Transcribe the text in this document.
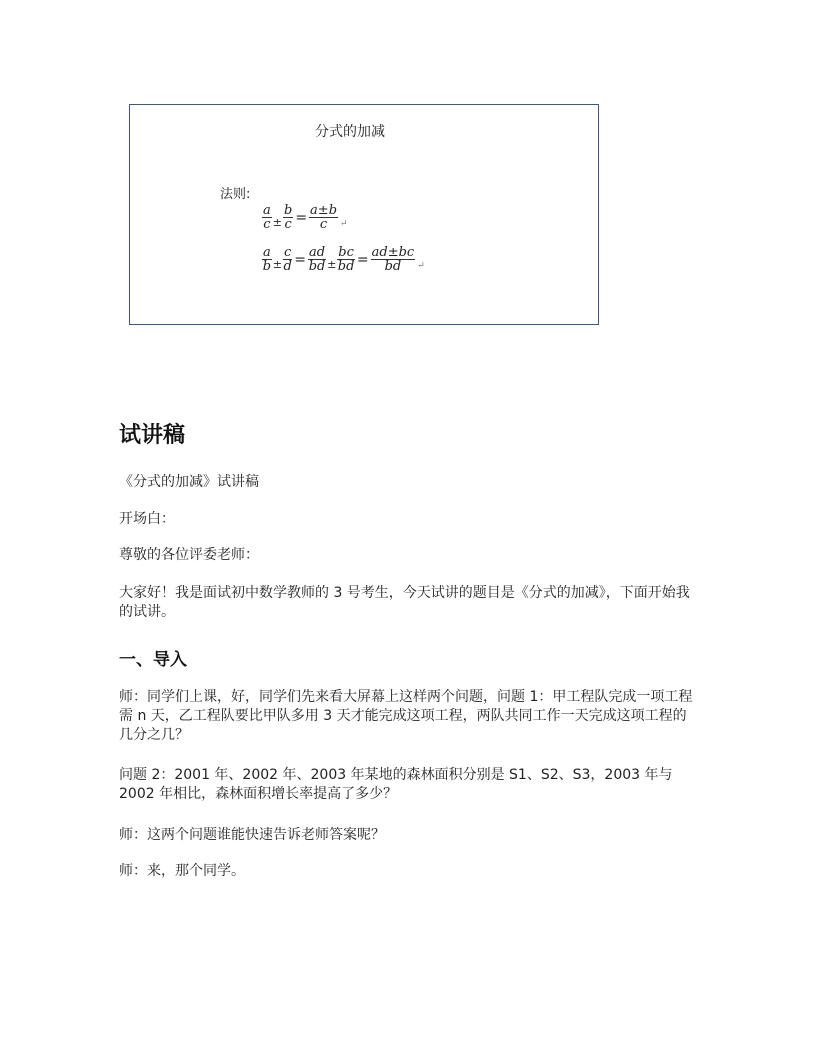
分式的加减
法则:
$\frac{a}{c} \pm \frac{b}{c} = \frac{a\pm b}{c}$ ↵
$\frac{a}{b} \pm \frac{c}{d} = \frac{ad}{bd} \pm \frac{bc}{bd} = \frac{ad\pm bc}{bd}$ ↵
试讲稿

《分式的加减》试讲稿

开场白：

尊敬的各位评委老师：

大家好！我是面试初中数学教师的 3 号考生，今天试讲的题目是《分式的加减》，下面开始我的试讲。

一、导入

师：同学们上课，好，同学们先来看大屏幕上这样两个问题，问题 1：甲工程队完成一项工程需 n 天，乙工程队要比甲队多用 3 天才能完成这项工程，两队共同工作一天完成这项工程的几分之几？

问题 2：2001 年、2002 年、2003 年某地的森林面积分别是 S1、S2、S3，2003 年与 2002 年相比，森林面积增长率提高了多少？

师：这两个问题谁能快速告诉老师答案呢？

师：来，那个同学。
